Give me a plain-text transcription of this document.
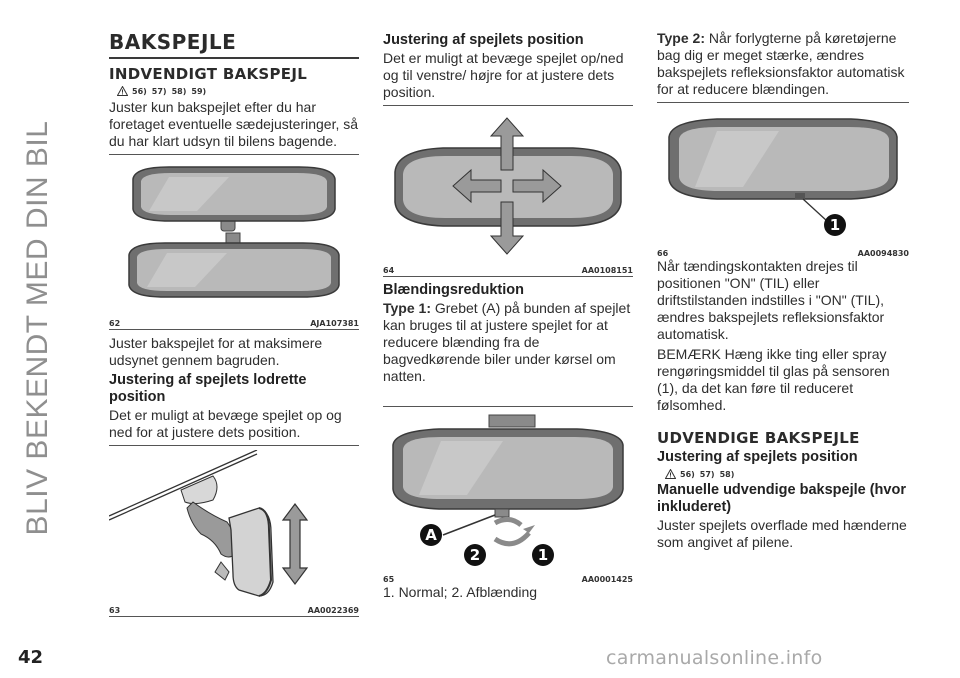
BLIV BEKENDT MED DIN BIL
42	carmanualsonline.info
BAKSPEJLE
INDVENDIGT BAKSPEJL
56) 57) 58) 59)

Juster kun bakspejlet efter du har foretaget eventuelle sædejusteringer, så du har klart udsyn til bilens bagende.

62	AJA107381

Juster bakspejlet for at maksimere udsynet gennem bagruden.

Justering af spejlets lodrette position

Det er muligt at bevæge spejlet op og ned for at justere dets position.

63	AA0022369
Justering af spejlets position

Det er muligt at bevæge spejlet op/ned og til venstre/ højre for at justere dets position.

64	AA0108151
Blændingsreduktion

Type 1: Grebet (A) på bunden af spejlet kan bruges til at justere spejlet for at reducere blænding fra de bagvedkørende biler under kørsel om natten.

A
2	1
65	AA0001425

1. Normal; 2. Afblænding

Type 2: Når forlygterne på køretøjerne bag dig er meget stærke, ændres bakspejlets refleksionsfaktor automatisk for at reducere blændingen.

1
66	AA0094830

Når tændingskontakten drejes til positionen "ON" (TIL) eller driftstilstanden indstilles i "ON" (TIL), ændres bakspejlets refleksionsfaktor automatisk.

BEMÆRK Hæng ikke ting eller spray rengøringsmiddel til glas på sensoren (1), da det kan føre til reduceret følsomhed.

UDVENDIGE BAKSPEJLE
Justering af spejlets position
56) 57) 58)
Manuelle udvendige bakspejle (hvor inkluderet)

Juster spejlets overflade med hænderne som angivet af pilene.
